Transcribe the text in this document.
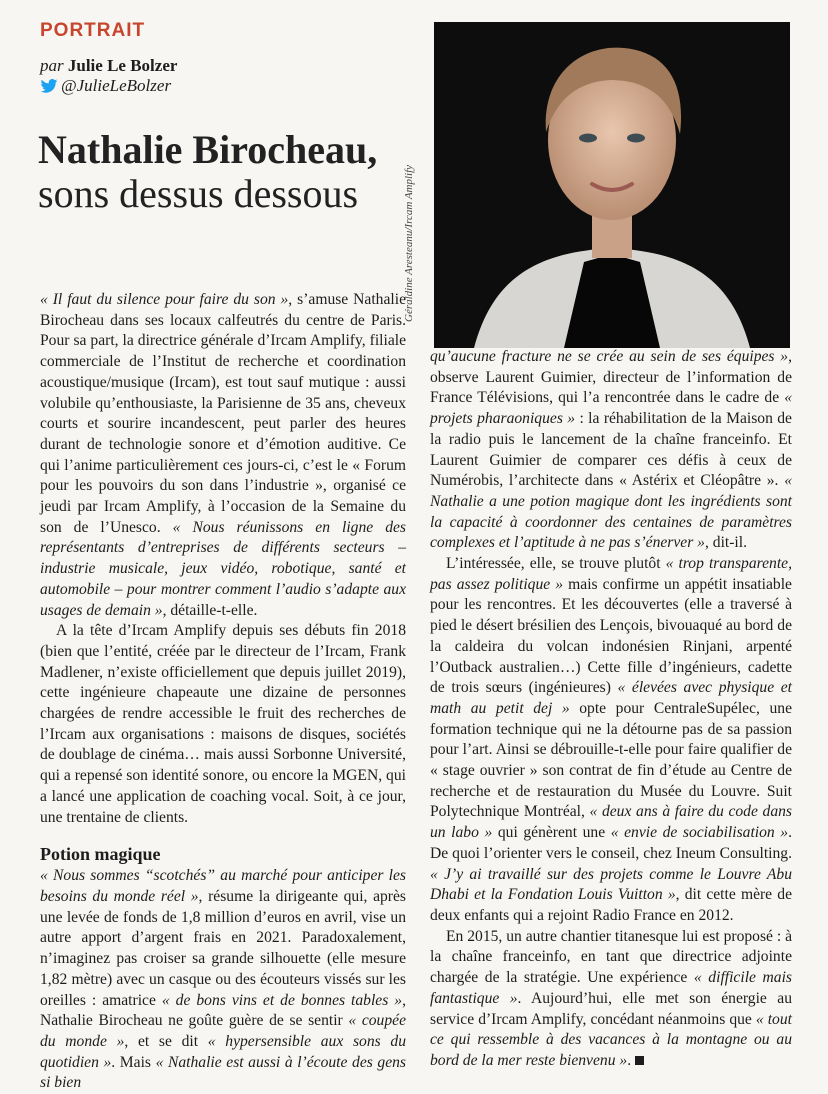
PORTRAIT
par Julie Le Bolzer
@JulieLeBolzer
Nathalie Birocheau, sons dessus dessous	Géraldine Aresteanu/Ircam Amplify

« Il faut du silence pour faire du son », s’amuse Nathalie Birocheau dans ses locaux calfeutrés du centre de Paris. Pour sa part, la directrice générale d’Ircam Amplify, filiale commerciale de l’Institut de recherche et coordination acoustique/musique (Ircam), est tout sauf mutique : aussi volubile qu’enthousiaste, la Parisienne de 35 ans, cheveux courts et sourire incandescent, peut parler des heures durant de technologie sonore et d’émotion auditive. Ce qui l’anime particulièrement ces jours-ci, c’est le « Forum pour les pouvoirs du son dans l’industrie », organisé ce jeudi par Ircam Amplify, à l’occasion de la Semaine du son de l’Unesco. « Nous réunissons en ligne des représentants d’entreprises de différents secteurs – industrie musicale, jeux vidéo, robotique, santé et automobile – pour montrer comment l’audio s’adapte aux usages de demain », détaille-t-elle.

A la tête d’Ircam Amplify depuis ses débuts fin 2018 (bien que l’entité, créée par le directeur de l’Ircam, Frank Madlener, n’existe officiellement que depuis juillet 2019), cette ingénieure chapeaute une dizaine de personnes chargées de rendre accessible le fruit des recherches de l’Ircam aux organisations : maisons de disques, sociétés de doublage de cinéma… mais aussi Sorbonne Université, qui a repensé son identité sonore, ou encore la MGEN, qui a lancé une application de coaching vocal. Soit, à ce jour, une trentaine de clients.

Potion magique

« Nous sommes “scotchés” au marché pour anticiper les besoins du monde réel », résume la dirigeante qui, après une levée de fonds de 1,8 million d’euros en avril, vise un autre apport d’argent frais en 2021. Paradoxalement, n’imaginez pas croiser sa grande silhouette (elle mesure 1,82 mètre) avec un casque ou des écouteurs vissés sur les oreilles : amatrice « de bons vins et de bonnes tables », Nathalie Birocheau ne goûte guère de se sentir « coupée du monde », et se dit « hypersensible aux sons du quotidien ». Mais « Nathalie est aussi à l’écoute des gens si bien

qu’aucune fracture ne se crée au sein de ses équipes », observe Laurent Guimier, directeur de l’information de France Télévisions, qui l’a rencontrée dans le cadre de « projets pharaoniques » : la réhabilitation de la Maison de la radio puis le lancement de la chaîne franceinfo. Et Laurent Guimier de comparer ces défis à ceux de Numérobis, l’architecte dans « Astérix et Cléopâtre ». « Nathalie a une potion magique dont les ingrédients sont la capacité à coordonner des centaines de paramètres complexes et l’aptitude à ne pas s’énerver », dit-il.

L’intéressée, elle, se trouve plutôt « trop transparente, pas assez politique » mais confirme un appétit insatiable pour les rencontres. Et les découvertes (elle a traversé à pied le désert brésilien des Lençois, bivouaqué au bord de la caldeira du volcan indonésien Rinjani, arpenté l’Outback australien…) Cette fille d’ingénieurs, cadette de trois sœurs (ingénieures) « élevées avec physique et math au petit dej » opte pour CentraleSupélec, une formation technique qui ne la détourne pas de sa passion pour l’art. Ainsi se débrouille-t-elle pour faire qualifier de « stage ouvrier » son contrat de fin d’étude au Centre de recherche et de restauration du Musée du Louvre. Suit Polytechnique Montréal, « deux ans à faire du code dans un labo » qui génèrent une « envie de sociabilisation ». De quoi l’orienter vers le conseil, chez Ineum Consulting. « J’y ai travaillé sur des projets comme le Louvre Abu Dhabi et la Fondation Louis Vuitton », dit cette mère de deux enfants qui a rejoint Radio France en 2012.

En 2015, un autre chantier titanesque lui est proposé : à la chaîne franceinfo, en tant que directrice adjointe chargée de la stratégie. Une expérience « difficile mais fantastique ». Aujourd’hui, elle met son énergie au service d’Ircam Amplify, concédant néanmoins que « tout ce qui ressemble à des vacances à la montagne ou au bord de la mer reste bienvenu ».
